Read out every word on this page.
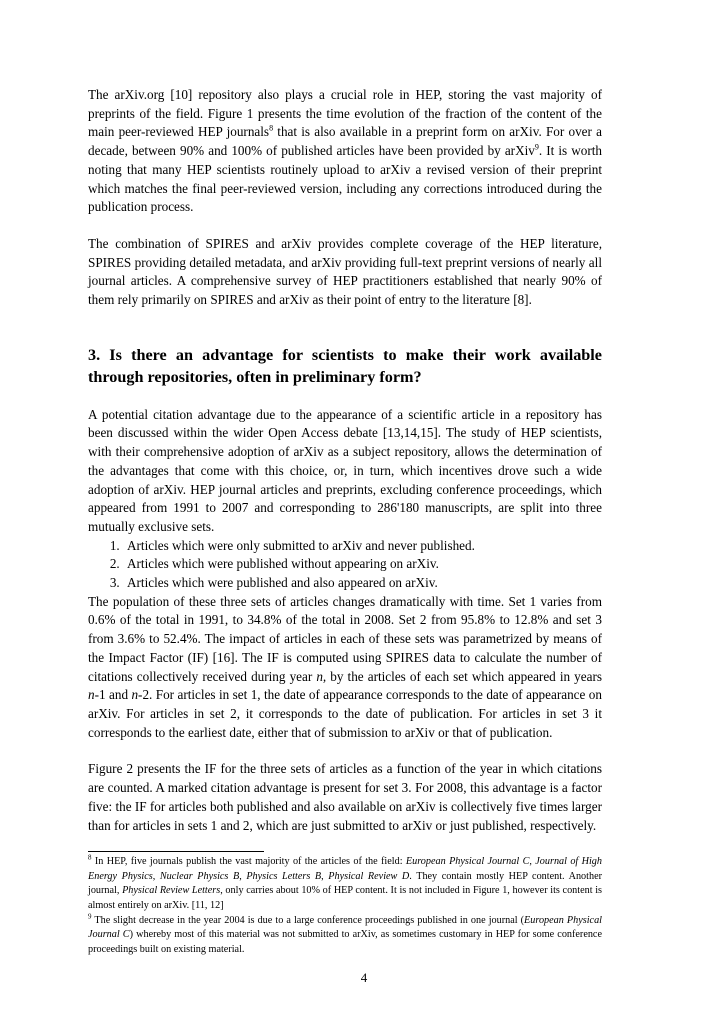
The arXiv.org [10] repository also plays a crucial role in HEP, storing the vast majority of preprints of the field. Figure 1 presents the time evolution of the fraction of the content of the main peer-reviewed HEP journals$^8$ that is also available in a preprint form on arXiv. For over a decade, between 90% and 100% of published articles have been provided by arXiv$^9$. It is worth noting that many HEP scientists routinely upload to arXiv a revised version of their preprint which matches the final peer-reviewed version, including any corrections introduced during the publication process.

The combination of SPIRES and arXiv provides complete coverage of the HEP literature, SPIRES providing detailed metadata, and arXiv providing full-text preprint versions of nearly all journal articles. A comprehensive survey of HEP practitioners established that nearly 90% of them rely primarily on SPIRES and arXiv as their point of entry to the literature [8].

3. Is there an advantage for scientists to make their work available through repositories, often in preliminary form?

A potential citation advantage due to the appearance of a scientific article in a repository has been discussed within the wider Open Access debate [13,14,15]. The study of HEP scientists, with their comprehensive adoption of arXiv as a subject repository, allows the determination of the advantages that come with this choice, or, in turn, which incentives drove such a wide adoption of arXiv. HEP journal articles and preprints, excluding conference proceedings, which appeared from 1991 to 2007 and corresponding to 286'180 manuscripts, are split into three mutually exclusive sets.

1. Articles which were only submitted to arXiv and never published.
2. Articles which were published without appearing on arXiv.
3. Articles which were published and also appeared on arXiv.

The population of these three sets of articles changes dramatically with time. Set 1 varies from 0.6% of the total in 1991, to 34.8% of the total in 2008. Set 2 from 95.8% to 12.8% and set 3 from 3.6% to 52.4%. The impact of articles in each of these sets was parametrized by means of the Impact Factor (IF) [16]. The IF is computed using SPIRES data to calculate the number of citations collectively received during year n, by the articles of each set which appeared in years n-1 and n-2. For articles in set 1, the date of appearance corresponds to the date of appearance on arXiv. For articles in set 2, it corresponds to the date of publication. For articles in set 3 it corresponds to the earliest date, either that of submission to arXiv or that of publication.

Figure 2 presents the IF for the three sets of articles as a function of the year in which citations are counted. A marked citation advantage is present for set 3. For 2008, this advantage is a factor five: the IF for articles both published and also available on arXiv is collectively five times larger than for articles in sets 1 and 2, which are just submitted to arXiv or just published, respectively.

$^8$ In HEP, five journals publish the vast majority of the articles of the field: European Physical Journal C, Journal of High Energy Physics, Nuclear Physics B, Physics Letters B, Physical Review D. They contain mostly HEP content. Another journal, Physical Review Letters, only carries about 10% of HEP content. It is not included in Figure 1, however its content is almost entirely on arXiv. [11, 12]

$^9$ The slight decrease in the year 2004 is due to a large conference proceedings published in one journal (European Physical Journal C) whereby most of this material was not submitted to arXiv, as sometimes customary in HEP for some conference proceedings built on existing material.

4
